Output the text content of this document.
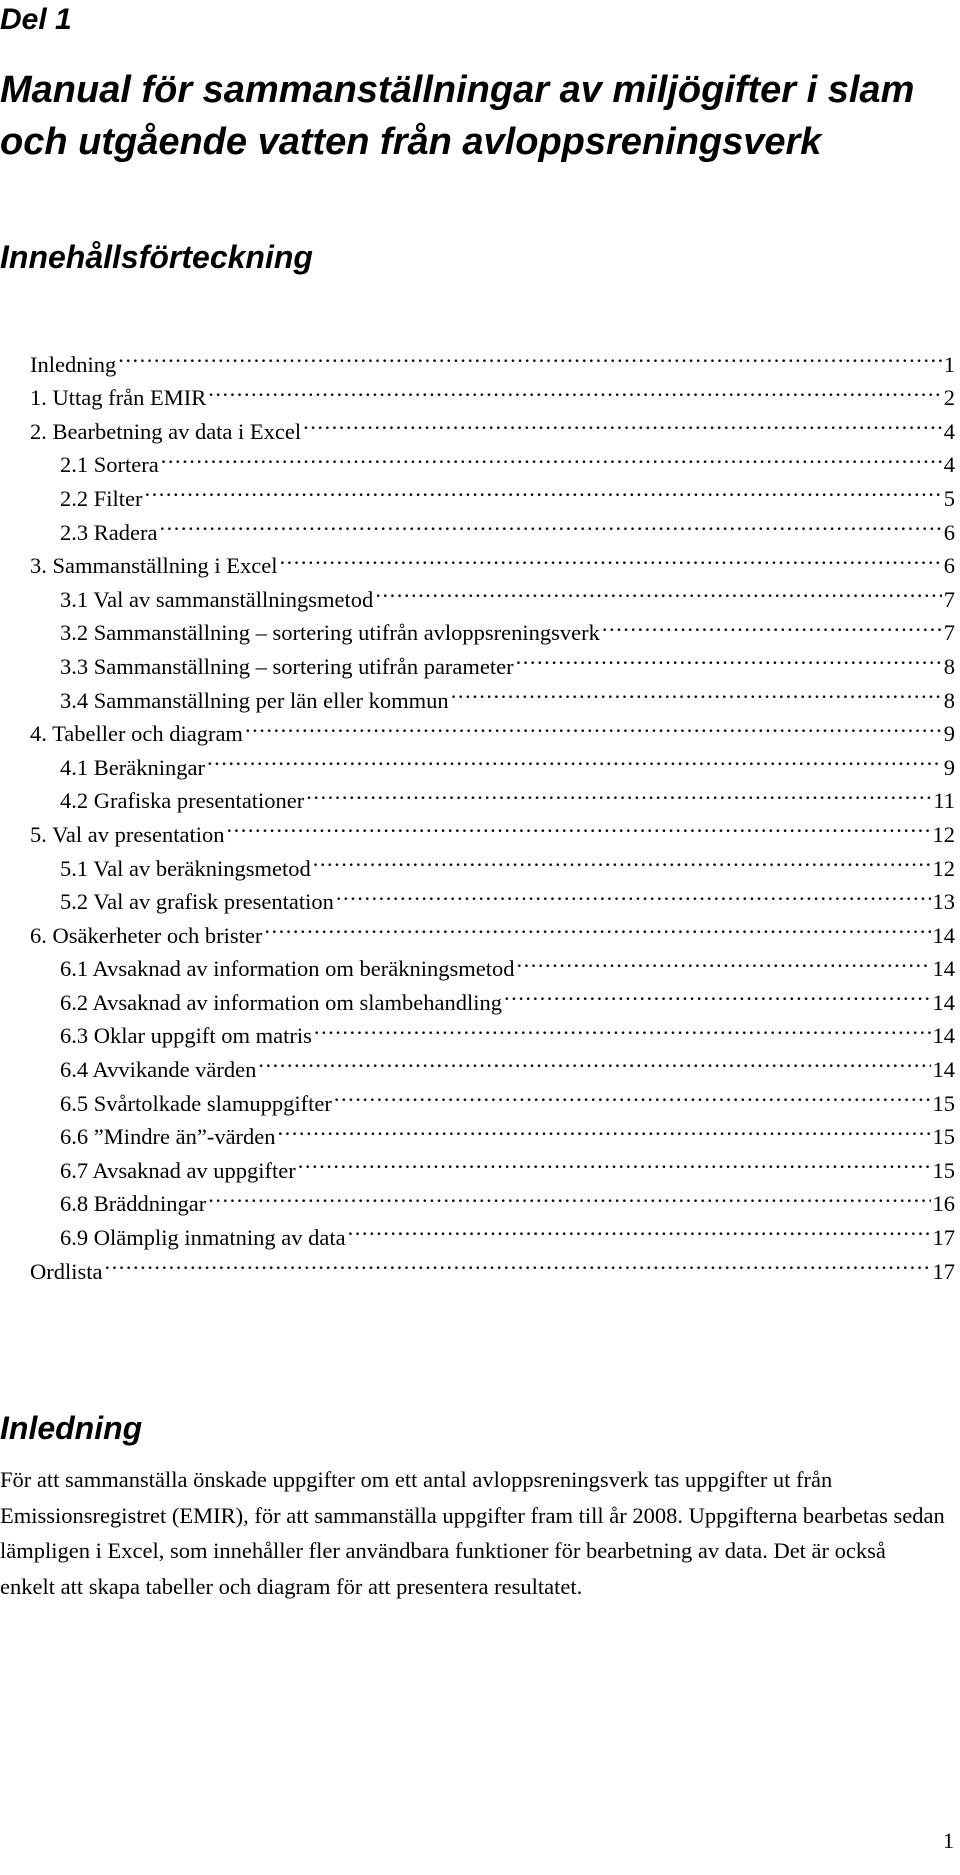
Del 1
Manual för sammanställningar av miljögifter i slam och utgående vatten från avloppsreningsverk
Innehållsförteckning
Inledning .....	1
1. Uttag från EMIR .....	2
2. Bearbetning av data i Excel .....	4
2.1 Sortera .....	4
2.2 Filter .....	5
2.3 Radera .....	6
3. Sammanställning i Excel .....	6
3.1 Val av sammanställningsmetod .....	7
3.2 Sammanställning – sortering utifrån avloppsreningsverk .....	7
3.3 Sammanställning – sortering utifrån parameter .....	8
3.4 Sammanställning per län eller kommun .....	8
4. Tabeller och diagram .....	9
4.1 Beräkningar .....	9
4.2 Grafiska presentationer .....	11
5. Val av presentation .....	12
5.1 Val av beräkningsmetod .....	12
5.2 Val av grafisk presentation .....	13
6. Osäkerheter och brister .....	14
6.1 Avsaknad av information om beräkningsmetod .....	14
6.2 Avsaknad av information om slambehandling .....	14
6.3 Oklar uppgift om matris .....	14
6.4 Avvikande värden .....	14
6.5 Svårtolkade slamuppgifter .....	15
6.6 ”Mindre än”-värden .....	15
6.7 Avsaknad av uppgifter .....	15
6.8 Bräddningar .....	16
6.9 Olämplig inmatning av data .....	17
Ordlista .....	17
Inledning

För att sammanställa önskade uppgifter om ett antal avloppsreningsverk tas uppgifter ut från Emissionsregistret (EMIR), för att sammanställa uppgifter fram till år 2008. Uppgifterna bearbetas sedan lämpligen i Excel, som innehåller fler användbara funktioner för bearbetning av data. Det är också enkelt att skapa tabeller och diagram för att presentera resultatet.

1
